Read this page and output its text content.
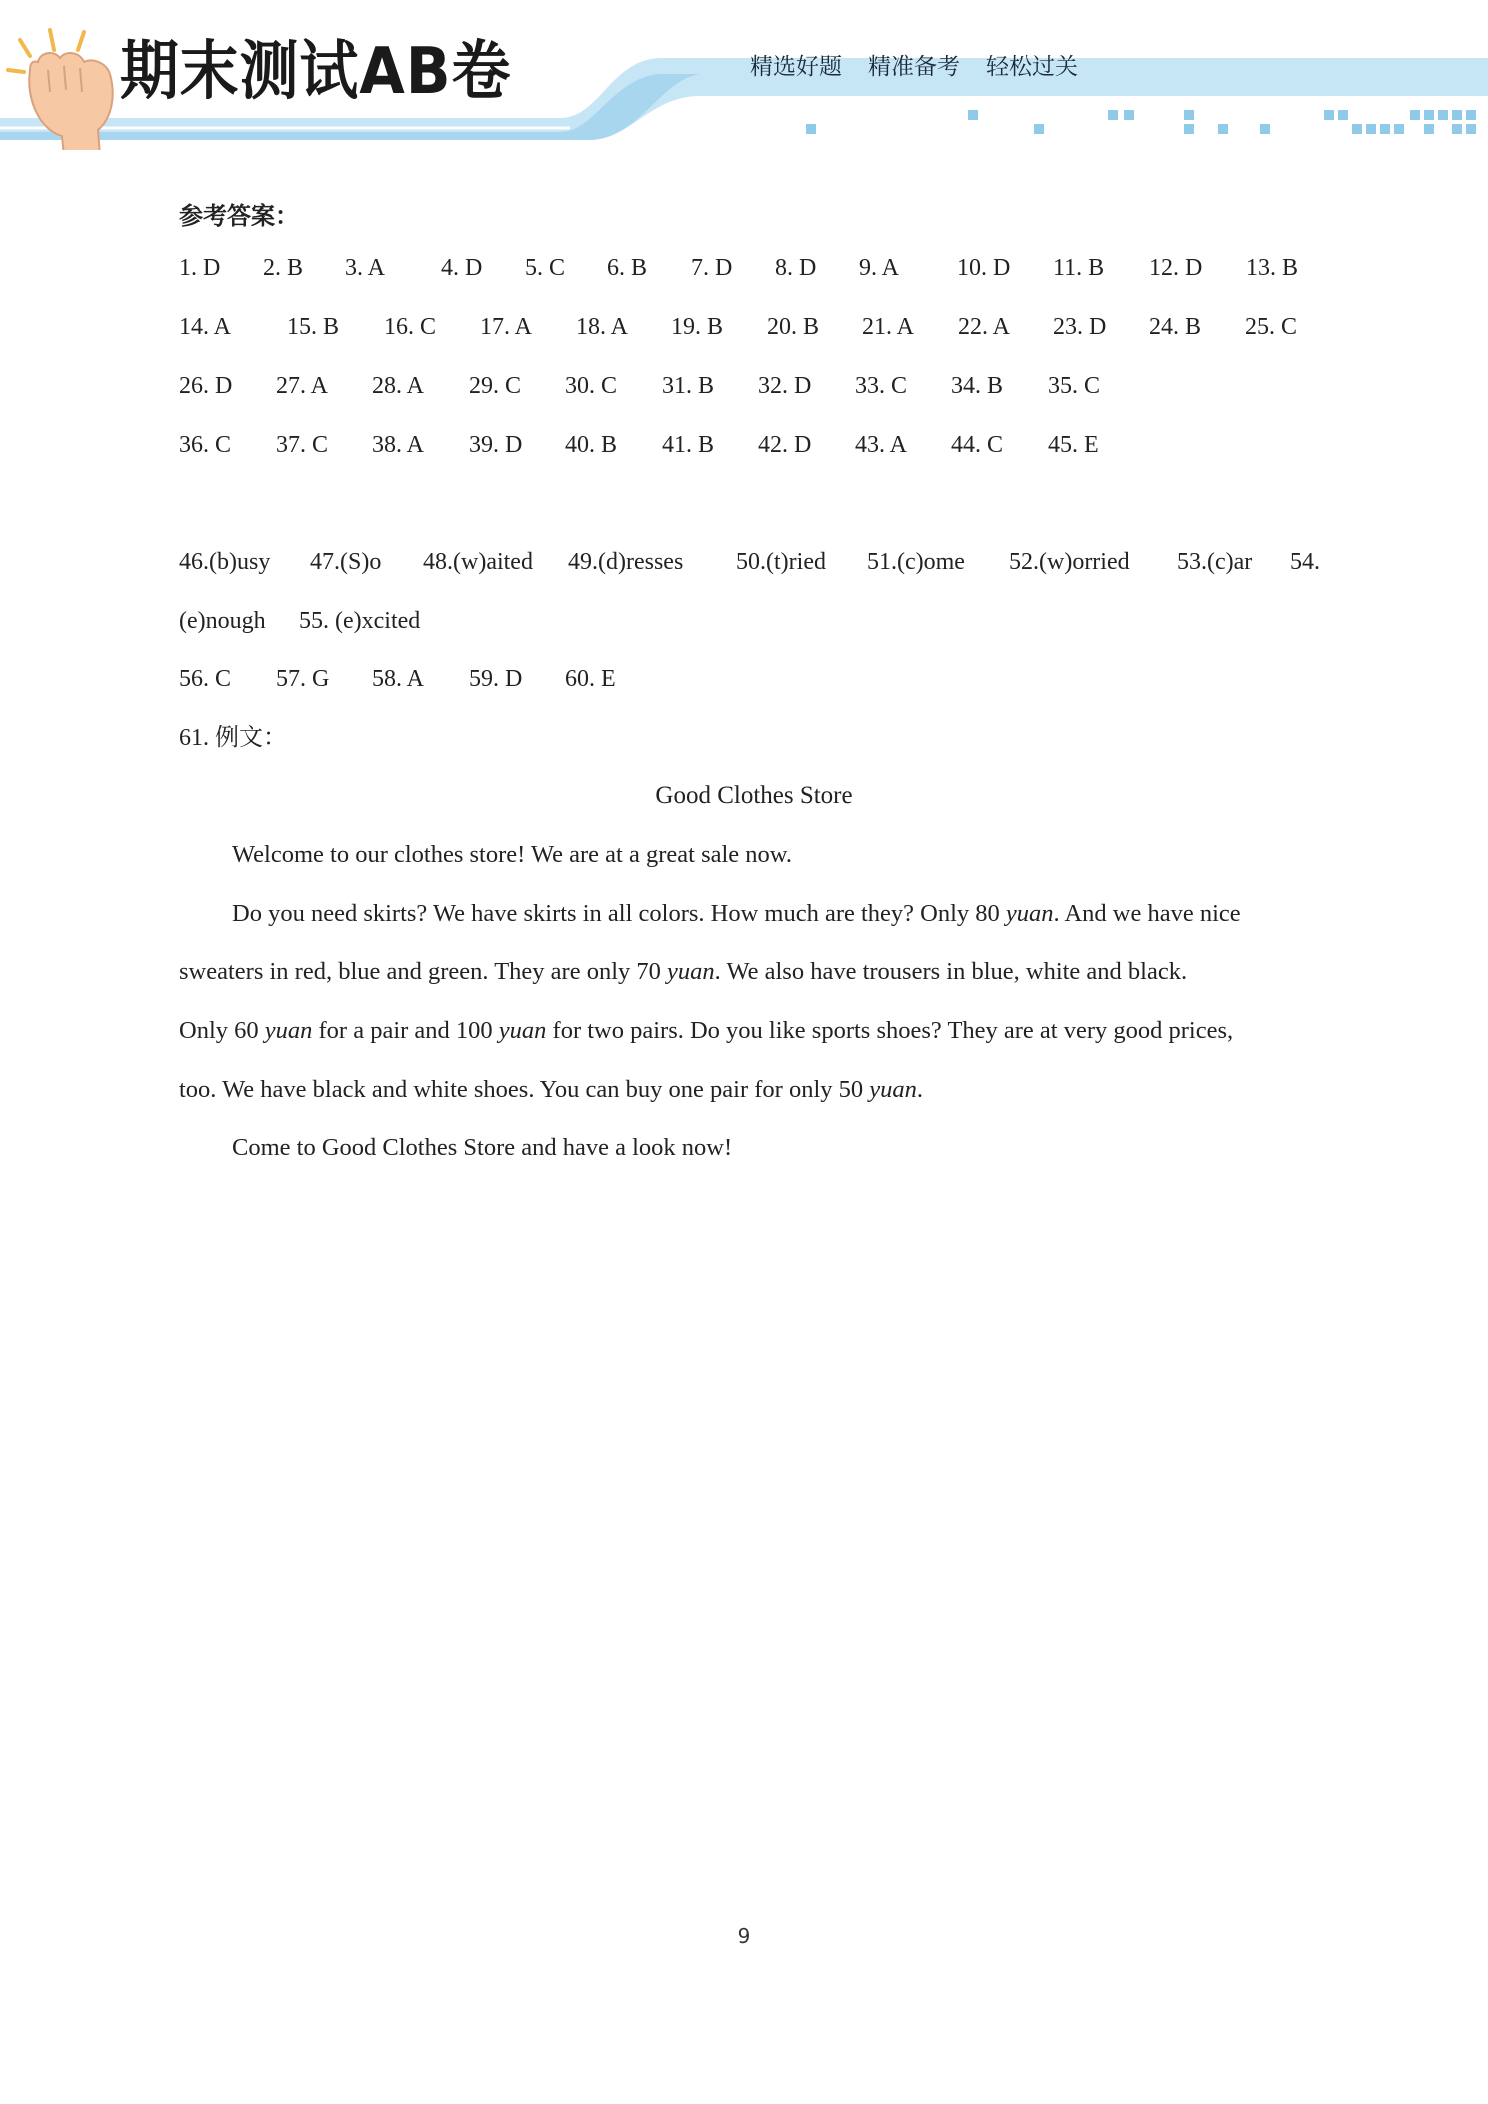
期末测试AB卷	精选好题 精准备考 轻松过关
参考答案：
1. D 2. B 3. A 4. D 5. C 6. B 7. D 8. D 9. A 10. D 11. B 12. D 13. B
14. A 15. B 16. C 17. A 18. A 19. B 20. B 21. A 22. A 23. D 24. B 25. C
26. D 27. A 28. A 29. C 30. C 31. B 32. D 33. C 34. B 35. C
36. C 37. C 38. A 39. D 40. B 41. B 42. D 43. A 44. C 45. E
46.(b)usy 47.(S)o 48.(w)aited 49.(d)resses 50.(t)ried 51.(c)ome 52.(w)orried 53.(c)ar 54.
(e)nough 55. (e)xcited
56. C 57. G 58. A 59. D 60. E
61. 例文：
Good Clothes Store
Welcome to our clothes store! We are at a great sale now.
Do you need skirts? We have skirts in all colors. How much are they? Only 80 yuan. And we have nice
sweaters in red, blue and green. They are only 70 yuan. We also have trousers in blue, white and black.
Only 60 yuan for a pair and 100 yuan for two pairs. Do you like sports shoes? They are at very good prices,
too. We have black and white shoes. You can buy one pair for only 50 yuan.
Come to Good Clothes Store and have a look now!
9
